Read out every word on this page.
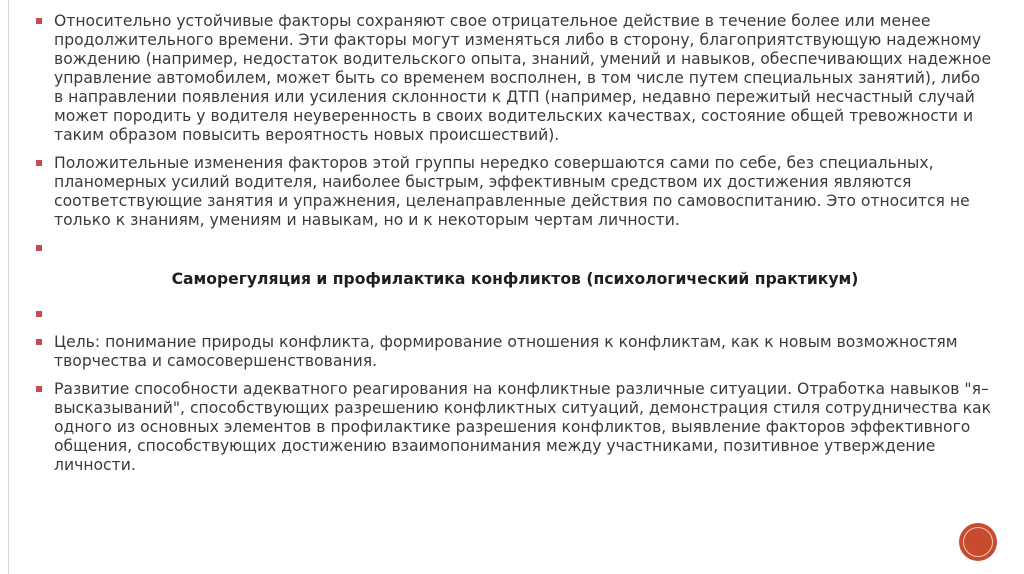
Относительно устойчивые факторы сохраняют свое отрицательное действие в течение более или менее продолжительного времени. Эти факторы могут изменяться либо в сторону, благоприятствующую надежному вождению (например, недостаток водительского опыта, знаний, умений и навыков, обеспечивающих надежное управление автомобилем, может быть со временем восполнен, в том числе путем специальных занятий), либо в направлении появления или усиления склонности к ДТП (например, недавно пережитый несчастный случай может породить у водителя неуверенность в своих водительских качествах, состояние общей тревожности и таким образом повысить вероятность новых происшествий).
Положительные изменения факторов этой группы нередко совершаются сами по себе, без специальных, планомерных усилий водителя, наиболее быстрым, эффективным средством их достижения являются соответствующие занятия и упражнения, целенаправленные действия по самовоспитанию. Это относится не только к знаниям, умениям и навыкам, но и к некоторым чертам личности.
Саморегуляция и профилактика конфликтов (психологический практикум)
Цель: понимание природы конфликта, формирование отношения к конфликтам, как к новым возможностям творчества и самосовершенствования.
Развитие способности адекватного реагирования на конфликтные различные ситуации. Отработка навыков "я–высказываний", способствующих разрешению конфликтных ситуаций, демонстрация стиля сотрудничества как одного из основных элементов в профилактике разрешения конфликтов, выявление факторов эффективного общения, способствующих достижению взаимопонимания между участниками, позитивное утверждение личности.
